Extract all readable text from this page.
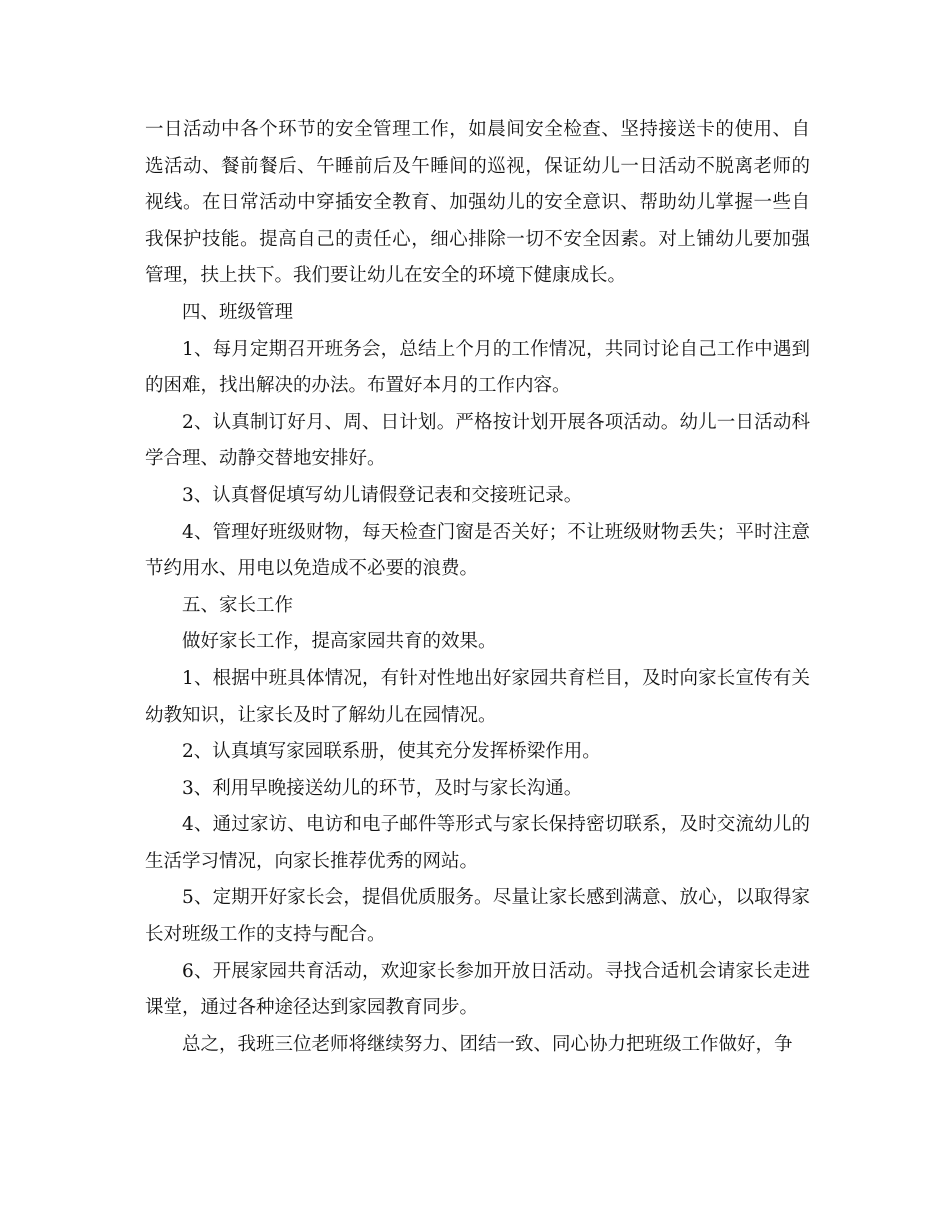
一日活动中各个环节的安全管理工作，如晨间安全检查、坚持接送卡的使用、自选活动、餐前餐后、午睡前后及午睡间的巡视，保证幼儿一日活动不脱离老师的视线。在日常活动中穿插安全教育、加强幼儿的安全意识、帮助幼儿掌握一些自我保护技能。提高自己的责任心，细心排除一切不安全因素。对上铺幼儿要加强管理，扶上扶下。我们要让幼儿在安全的环境下健康成长。

四、班级管理

1、每月定期召开班务会，总结上个月的工作情况，共同讨论自己工作中遇到的困难，找出解决的办法。布置好本月的工作内容。

2、认真制订好月、周、日计划。严格按计划开展各项活动。幼儿一日活动科学合理、动静交替地安排好。

3、认真督促填写幼儿请假登记表和交接班记录。

4、管理好班级财物，每天检查门窗是否关好；不让班级财物丢失；平时注意节约用水、用电以免造成不必要的浪费。

五、家长工作

做好家长工作，提高家园共育的效果。

1、根据中班具体情况，有针对性地出好家园共育栏目，及时向家长宣传有关幼教知识，让家长及时了解幼儿在园情况。

2、认真填写家园联系册，使其充分发挥桥梁作用。

3、利用早晚接送幼儿的环节，及时与家长沟通。

4、通过家访、电访和电子邮件等形式与家长保持密切联系，及时交流幼儿的生活学习情况，向家长推荐优秀的网站。

5、定期开好家长会，提倡优质服务。尽量让家长感到满意、放心，以取得家长对班级工作的支持与配合。

6、开展家园共育活动，欢迎家长参加开放日活动。寻找合适机会请家长走进课堂，通过各种途径达到家园教育同步。

总之，我班三位老师将继续努力、团结一致、同心协力把班级工作做好，争
